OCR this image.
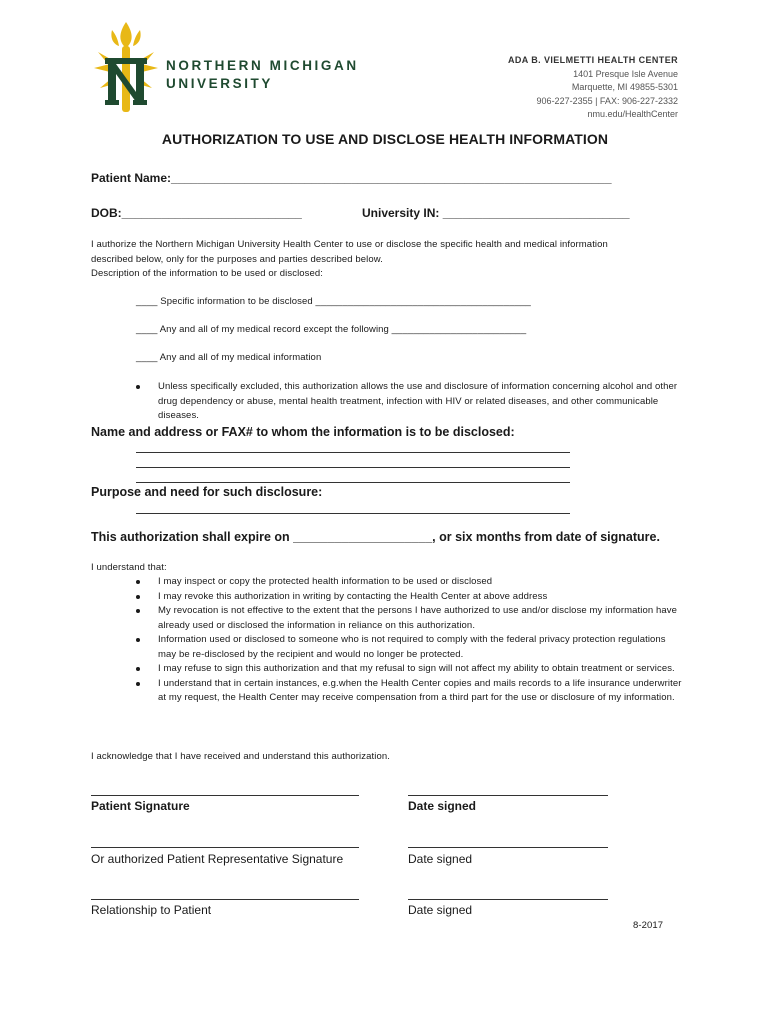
NORTHERN MICHIGAN
UNIVERSITY
ADA B. VIELMETTI HEALTH CENTER
1401 Presque Isle Avenue
Marquette, MI 49855-5301
906-227-2355 | FAX: 906-227-2332
nmu.edu/HealthCenter
AUTHORIZATION TO USE AND DISCLOSE HEALTH INFORMATION
Patient Name:__________________________________________________________________
DOB:___________________________	University IN: ____________________________
I authorize the Northern Michigan University Health Center to use or disclose the specific health and medical information
described below, only for the purposes and parties described below.
Description of the information to be used or disclosed:
____ Specific information to be disclosed ________________________________________
____ Any and all of my medical record except the following _________________________
____ Any and all of my medical information
Unless specifically excluded, this authorization allows the use and disclosure of information concerning alcohol and other drug dependency or abuse, mental health treatment, infection with HIV or related diseases, and other communicable diseases.
Name and address or FAX# to whom the information is to be disclosed:
Purpose and need for such disclosure:
This authorization shall expire on ____________________, or six months from date of signature.
I understand that:
I may inspect or copy the protected health information to be used or disclosed
I may revoke this authorization in writing by contacting the Health Center at above address
My revocation is not effective to the extent that the persons I have authorized to use and/or disclose my information have already used or disclosed the information in reliance on this authorization.
Information used or disclosed to someone who is not required to comply with the federal privacy protection regulations may be re-disclosed by the recipient and would no longer be protected.
I may refuse to sign this authorization and that my refusal to sign will not affect my ability to obtain treatment or services.
I understand that in certain instances, e.g.when the Health Center copies and mails records to a life insurance underwriter at my request, the Health Center may receive compensation from a third part for the use or disclosure of my information.
I acknowledge that I have received and understand this authorization.
Patient Signature	Date signed
Or authorized Patient Representative Signature	Date signed
Relationship to Patient	Date signed
8-2017
